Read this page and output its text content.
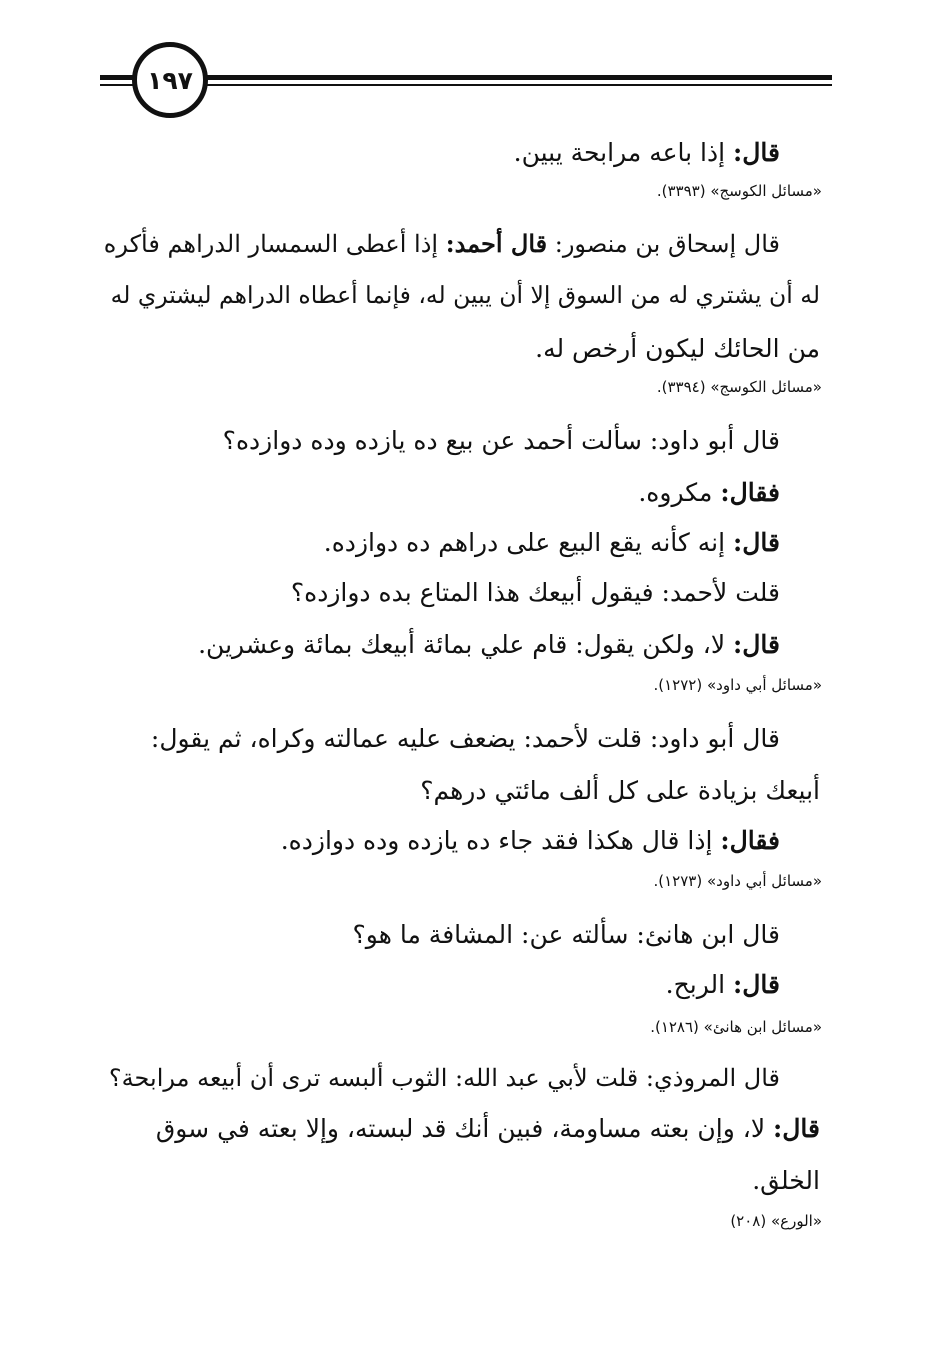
١٩٧
قال: إذا باعه مرابحة يبين.
«مسائل الكوسج» (٣٣٩٣).
قال إسحاق بن منصور: قال أحمد: إذا أعطى السمسار الدراهم فأكره
له أن يشتري له من السوق إلا أن يبين له، فإنما أعطاه الدراهم ليشتري له
من الحائك ليكون أرخص له.
«مسائل الكوسج» (٣٣٩٤).
قال أبو داود: سألت أحمد عن بيع ده يازده وده دوازده؟
فقال: مكروه.
قال: إنه كأنه يقع البيع على دراهم ده دوازده.
قلت لأحمد: فيقول أبيعك هذا المتاع بده دوازده؟
قال: لا، ولكن يقول: قام علي بمائة أبيعك بمائة وعشرين.
«مسائل أبي داود» (١٢٧٢).
قال أبو داود: قلت لأحمد: يضعف عليه عمالته وكراه، ثم يقول:
أبيعك بزيادة على كل ألف مائتي درهم؟
فقال: إذا قال هكذا فقد جاء ده يازده وده دوازده.
«مسائل أبي داود» (١٢٧٣).
قال ابن هانئ: سألته عن: المشافة ما هو؟
قال: الربح.
«مسائل ابن هانئ» (١٢٨٦).
قال المروذي: قلت لأبي عبد الله: الثوب ألبسه ترى أن أبيعه مرابحة؟
قال: لا، وإن بعته مساومة، فبين أنك قد لبسته، وإلا بعته في سوق
الخلق.
«الورع» (٢٠٨)
